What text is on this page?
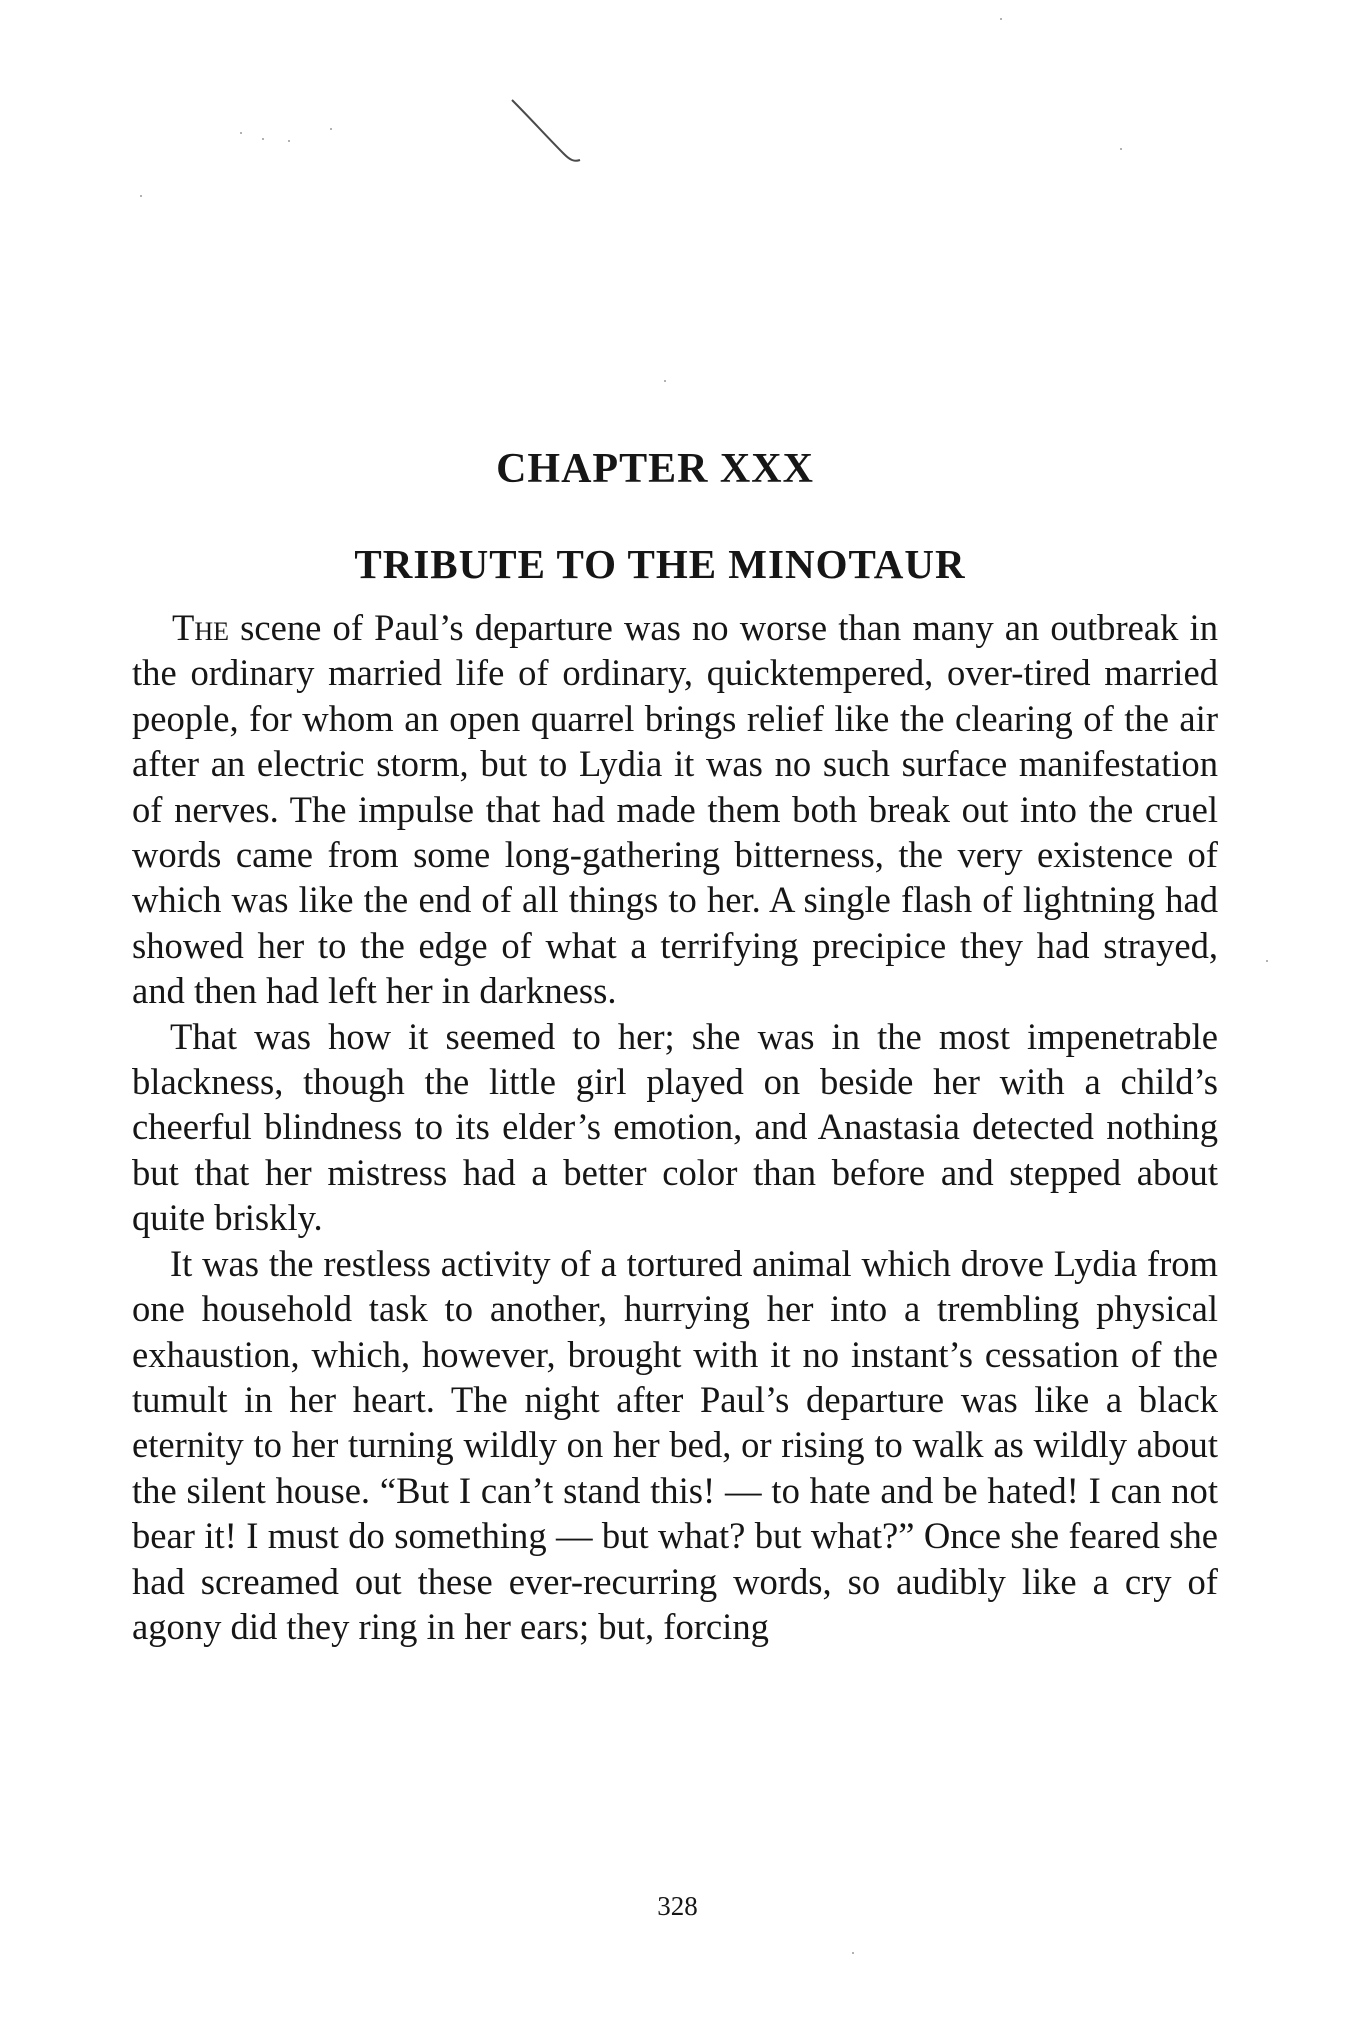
CHAPTER XXX
TRIBUTE TO THE MINOTAUR

The scene of Paul’s departure was no worse than many an outbreak in the ordinary married life of ordinary, quicktempered, over-tired married people, for whom an open quarrel brings relief like the clearing of the air after an electric storm, but to Lydia it was no such surface manifestation of nerves. The impulse that had made them both break out into the cruel words came from some long-gathering bitterness, the very existence of which was like the end of all things to her. A single flash of lightning had showed her to the edge of what a terrifying precipice they had strayed, and then had left her in darkness.

That was how it seemed to her; she was in the most impenetrable blackness, though the little girl played on beside her with a child’s cheerful blindness to its elder’s emotion, and Anastasia detected nothing but that her mistress had a better color than before and stepped about quite briskly.

It was the restless activity of a tortured animal which drove Lydia from one household task to another, hurrying her into a trembling physical exhaustion, which, however, brought with it no instant’s cessation of the tumult in her heart. The night after Paul’s departure was like a black eternity to her turning wildly on her bed, or rising to walk as wildly about the silent house. “But I can’t stand this! — to hate and be hated! I can not bear it! I must do something — but what? but what?” Once she feared she had screamed out these ever-recurring words, so audibly like a cry of agony did they ring in her ears; but, forcing

328
